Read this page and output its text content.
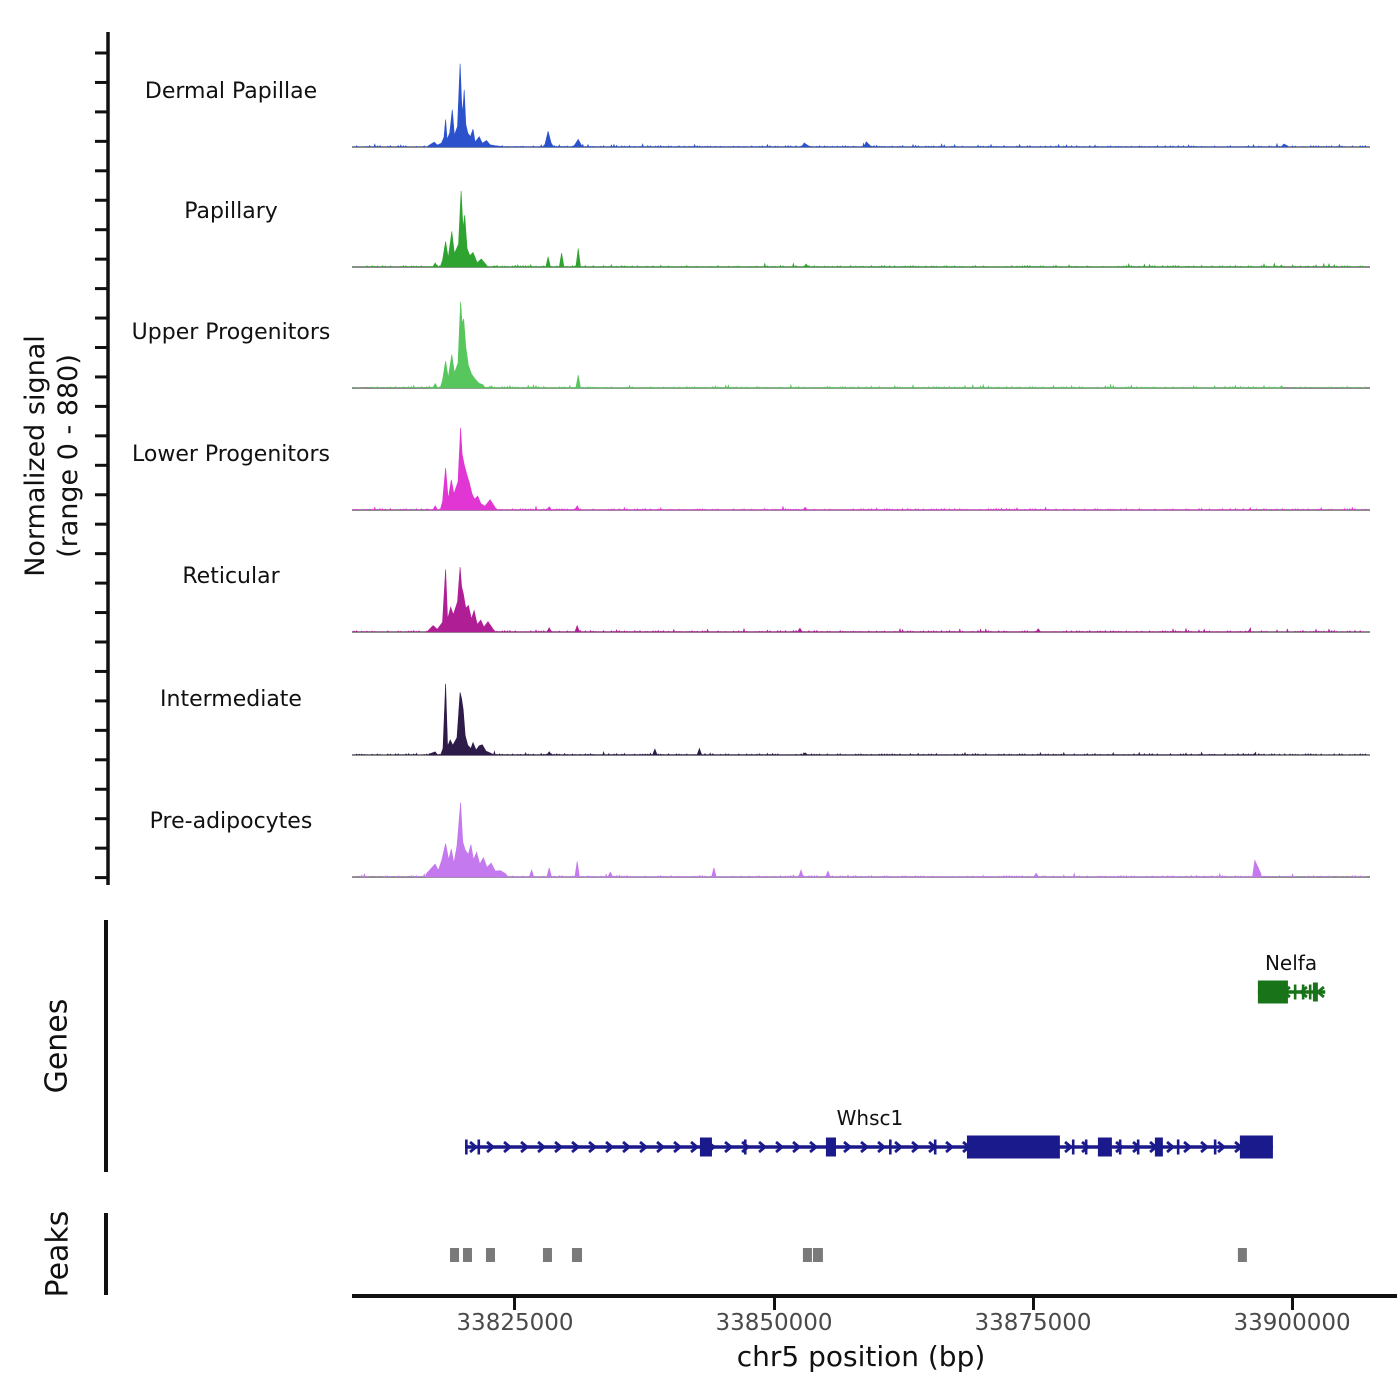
Normalized signal (range 0 - 880)
Dermal Papillae
Papillary
Upper Progenitors
Lower Progenitors
Reticular
Intermediate
Pre-adipocytes
Genes
Nelfa
Whsc1
Peaks
33825000	33850000	33875000	33900000
chr5 position (bp)
